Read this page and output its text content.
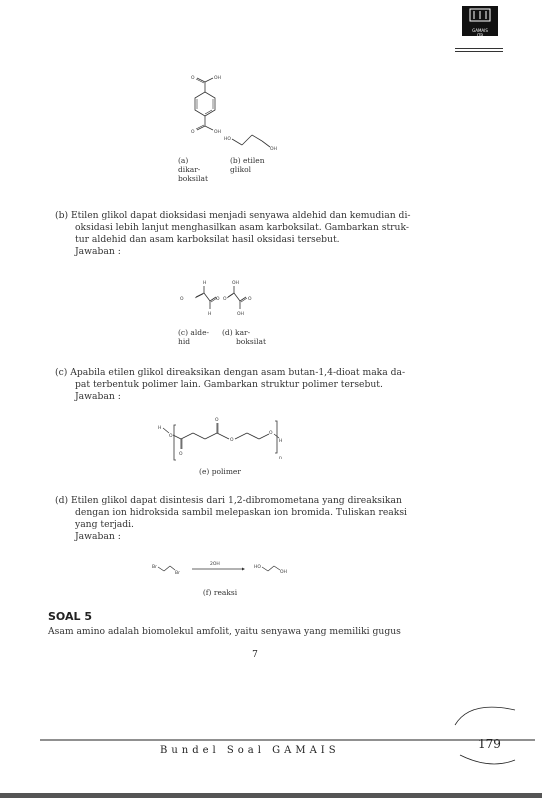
GAMAIS
ITB
O	OH
O	OH
HO
OH
(a)
dikar-
boksilat
(b) etilen
glikol
(b) Etilen glikol dapat dioksidasi menjadi senyawa aldehid dan kemudian di-
oksidasi lebih lanjut menghasilkan asam karboksilat. Gambarkan struk-
tur aldehid dan asam karboksilat hasil oksidasi tersebut.
Jawaban :
H
O
H
O
OH
O
OH
O
(c) alde-
hid
(d) kar-
boksilat
(c) Apabila etilen glikol direaksikan dengan asam butan-1,4-dioat maka da-
pat terbentuk polimer lain. Gambarkan struktur polimer tersebut.
Jawaban :
H
O
O
O
O
O
H
n
(e) polimer
(d) Etilen glikol dapat disintesis dari 1,2-dibromometana yang direaksikan
dengan ion hidroksida sambil melepaskan ion bromida. Tuliskan reaksi
yang terjadi.
Jawaban :
Br
Br
2OH
HO
OH
(f) reaksi
SOAL 5
Asam amino adalah biomolekul amfolit, yaitu senyawa yang memiliki gugus
7
Bundel Soal GAMAIS	179
